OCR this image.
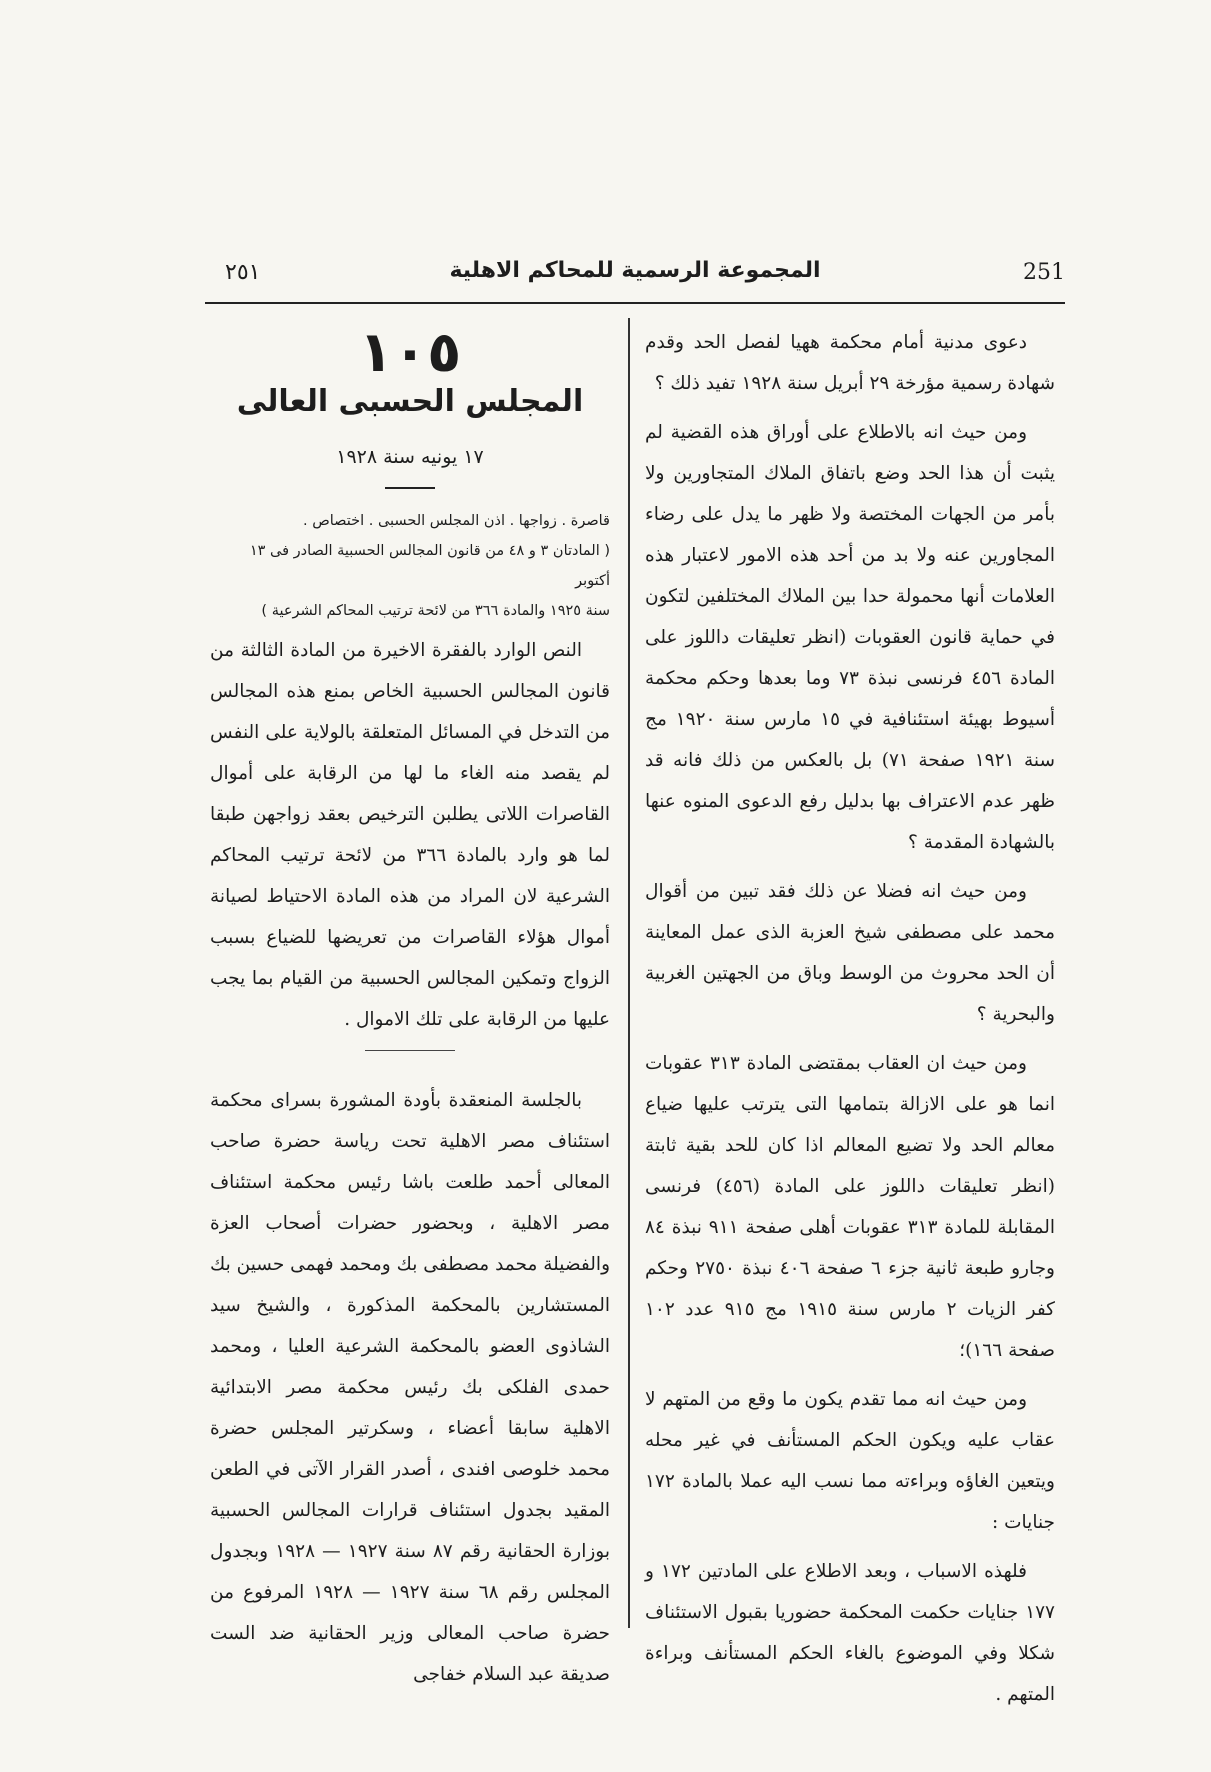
٢٥١	المجموعة الرسمية للمحاكم الاهلية	251
١٠٥
المجلس الحسبى العالى
١٧ يونيه سنة ١٩٢٨
قاصرة . زواجها . اذن المجلس الحسبى . اختصاص .
( المادتان ٣ و ٤٨ من قانون المجالس الحسبية الصادر فى ١٣ أكتوبر
سنة ١٩٢٥ والمادة ٣٦٦ من لائحة ترتيب المحاكم الشرعية )

النص الوارد بالفقرة الاخيرة من المادة الثالثة من قانون المجالس الحسبية الخاص بمنع هذه المجالس من التدخل في المسائل المتعلقة بالولاية على النفس لم يقصد منه الغاء ما لها من الرقابة على أموال القاصرات اللاتى يطلبن الترخيص بعقد زواجهن طبقا لما هو وارد بالمادة ٣٦٦ من لائحة ترتيب المحاكم الشرعية لان المراد من هذه المادة الاحتياط لصيانة أموال هؤلاء القاصرات من تعريضها للضياع بسبب الزواج وتمكين المجالس الحسبية من القيام بما يجب عليها من الرقابة على تلك الاموال .

بالجلسة المنعقدة بأودة المشورة بسراى محكمة استئناف مصر الاهلية تحت رياسة حضرة صاحب المعالى أحمد طلعت باشا رئيس محكمة استئناف مصر الاهلية ، وبحضور حضرات أصحاب العزة والفضيلة محمد مصطفى بك ومحمد فهمى حسين بك المستشارين بالمحكمة المذكورة ، والشيخ سيد الشاذوى العضو بالمحكمة الشرعية العليا ، ومحمد حمدى الفلكى بك رئيس محكمة مصر الابتدائية الاهلية سابقا أعضاء ، وسكرتير المجلس حضرة محمد خلوصى افندى ، أصدر القرار الآتى في الطعن المقيد بجدول استئناف قرارات المجالس الحسبية بوزارة الحقانية رقم ٨٧ سنة ١٩٢٧ — ١٩٢٨ وبجدول المجلس رقم ٦٨ سنة ١٩٢٧ — ١٩٢٨ المرفوع من حضرة صاحب المعالى وزير الحقانية ضد الست صديقة عبد السلام خفاجى

دعوى مدنية أمام محكمة ههيا لفصل الحد وقدم شهادة رسمية مؤرخة ٢٩ أبريل سنة ١٩٢٨ تفيد ذلك ؟

ومن حيث انه بالاطلاع على أوراق هذه القضية لم يثبت أن هذا الحد وضع باتفاق الملاك المتجاورين ولا بأمر من الجهات المختصة ولا ظهر ما يدل على رضاء المجاورين عنه ولا بد من أحد هذه الامور لاعتبار هذه العلامات أنها محمولة حدا بين الملاك المختلفين لتكون في حماية قانون العقوبات (انظر تعليقات داللوز على المادة ٤٥٦ فرنسى نبذة ٧٣ وما بعدها وحكم محكمة أسيوط بهيئة استئنافية في ١٥ مارس سنة ١٩٢٠ مج سنة ١٩٢١ صفحة ٧١) بل بالعكس من ذلك فانه قد ظهر عدم الاعتراف بها بدليل رفع الدعوى المنوه عنها بالشهادة المقدمة ؟

ومن حيث انه فضلا عن ذلك فقد تبين من أقوال محمد على مصطفى شيخ العزبة الذى عمل المعاينة أن الحد محروث من الوسط وباق من الجهتين الغربية والبحرية ؟

ومن حيث ان العقاب بمقتضى المادة ٣١٣ عقوبات انما هو على الازالة بتمامها التى يترتب عليها ضياع معالم الحد ولا تضيع المعالم اذا كان للحد بقية ثابتة (انظر تعليقات داللوز على المادة (٤٥٦) فرنسى المقابلة للمادة ٣١٣ عقوبات أهلى صفحة ٩١١ نبذة ٨٤ وجارو طبعة ثانية جزء ٦ صفحة ٤٠٦ نبذة ٢٧٥٠ وحكم كفر الزيات ٢ مارس سنة ١٩١٥ مج ٩١٥ عدد ١٠٢ صفحة ١٦٦)؛

ومن حيث انه مما تقدم يكون ما وقع من المتهم لا عقاب عليه ويكون الحكم المستأنف في غير محله ويتعين الغاؤه وبراءته مما نسب اليه عملا بالمادة ١٧٢ جنايات :

فلهذه الاسباب ، وبعد الاطلاع على المادتين ١٧٢ و ١٧٧ جنايات حكمت المحكمة حضوريا بقبول الاستئناف شكلا وفي الموضوع بالغاء الحكم المستأنف وبراءة المتهم .
